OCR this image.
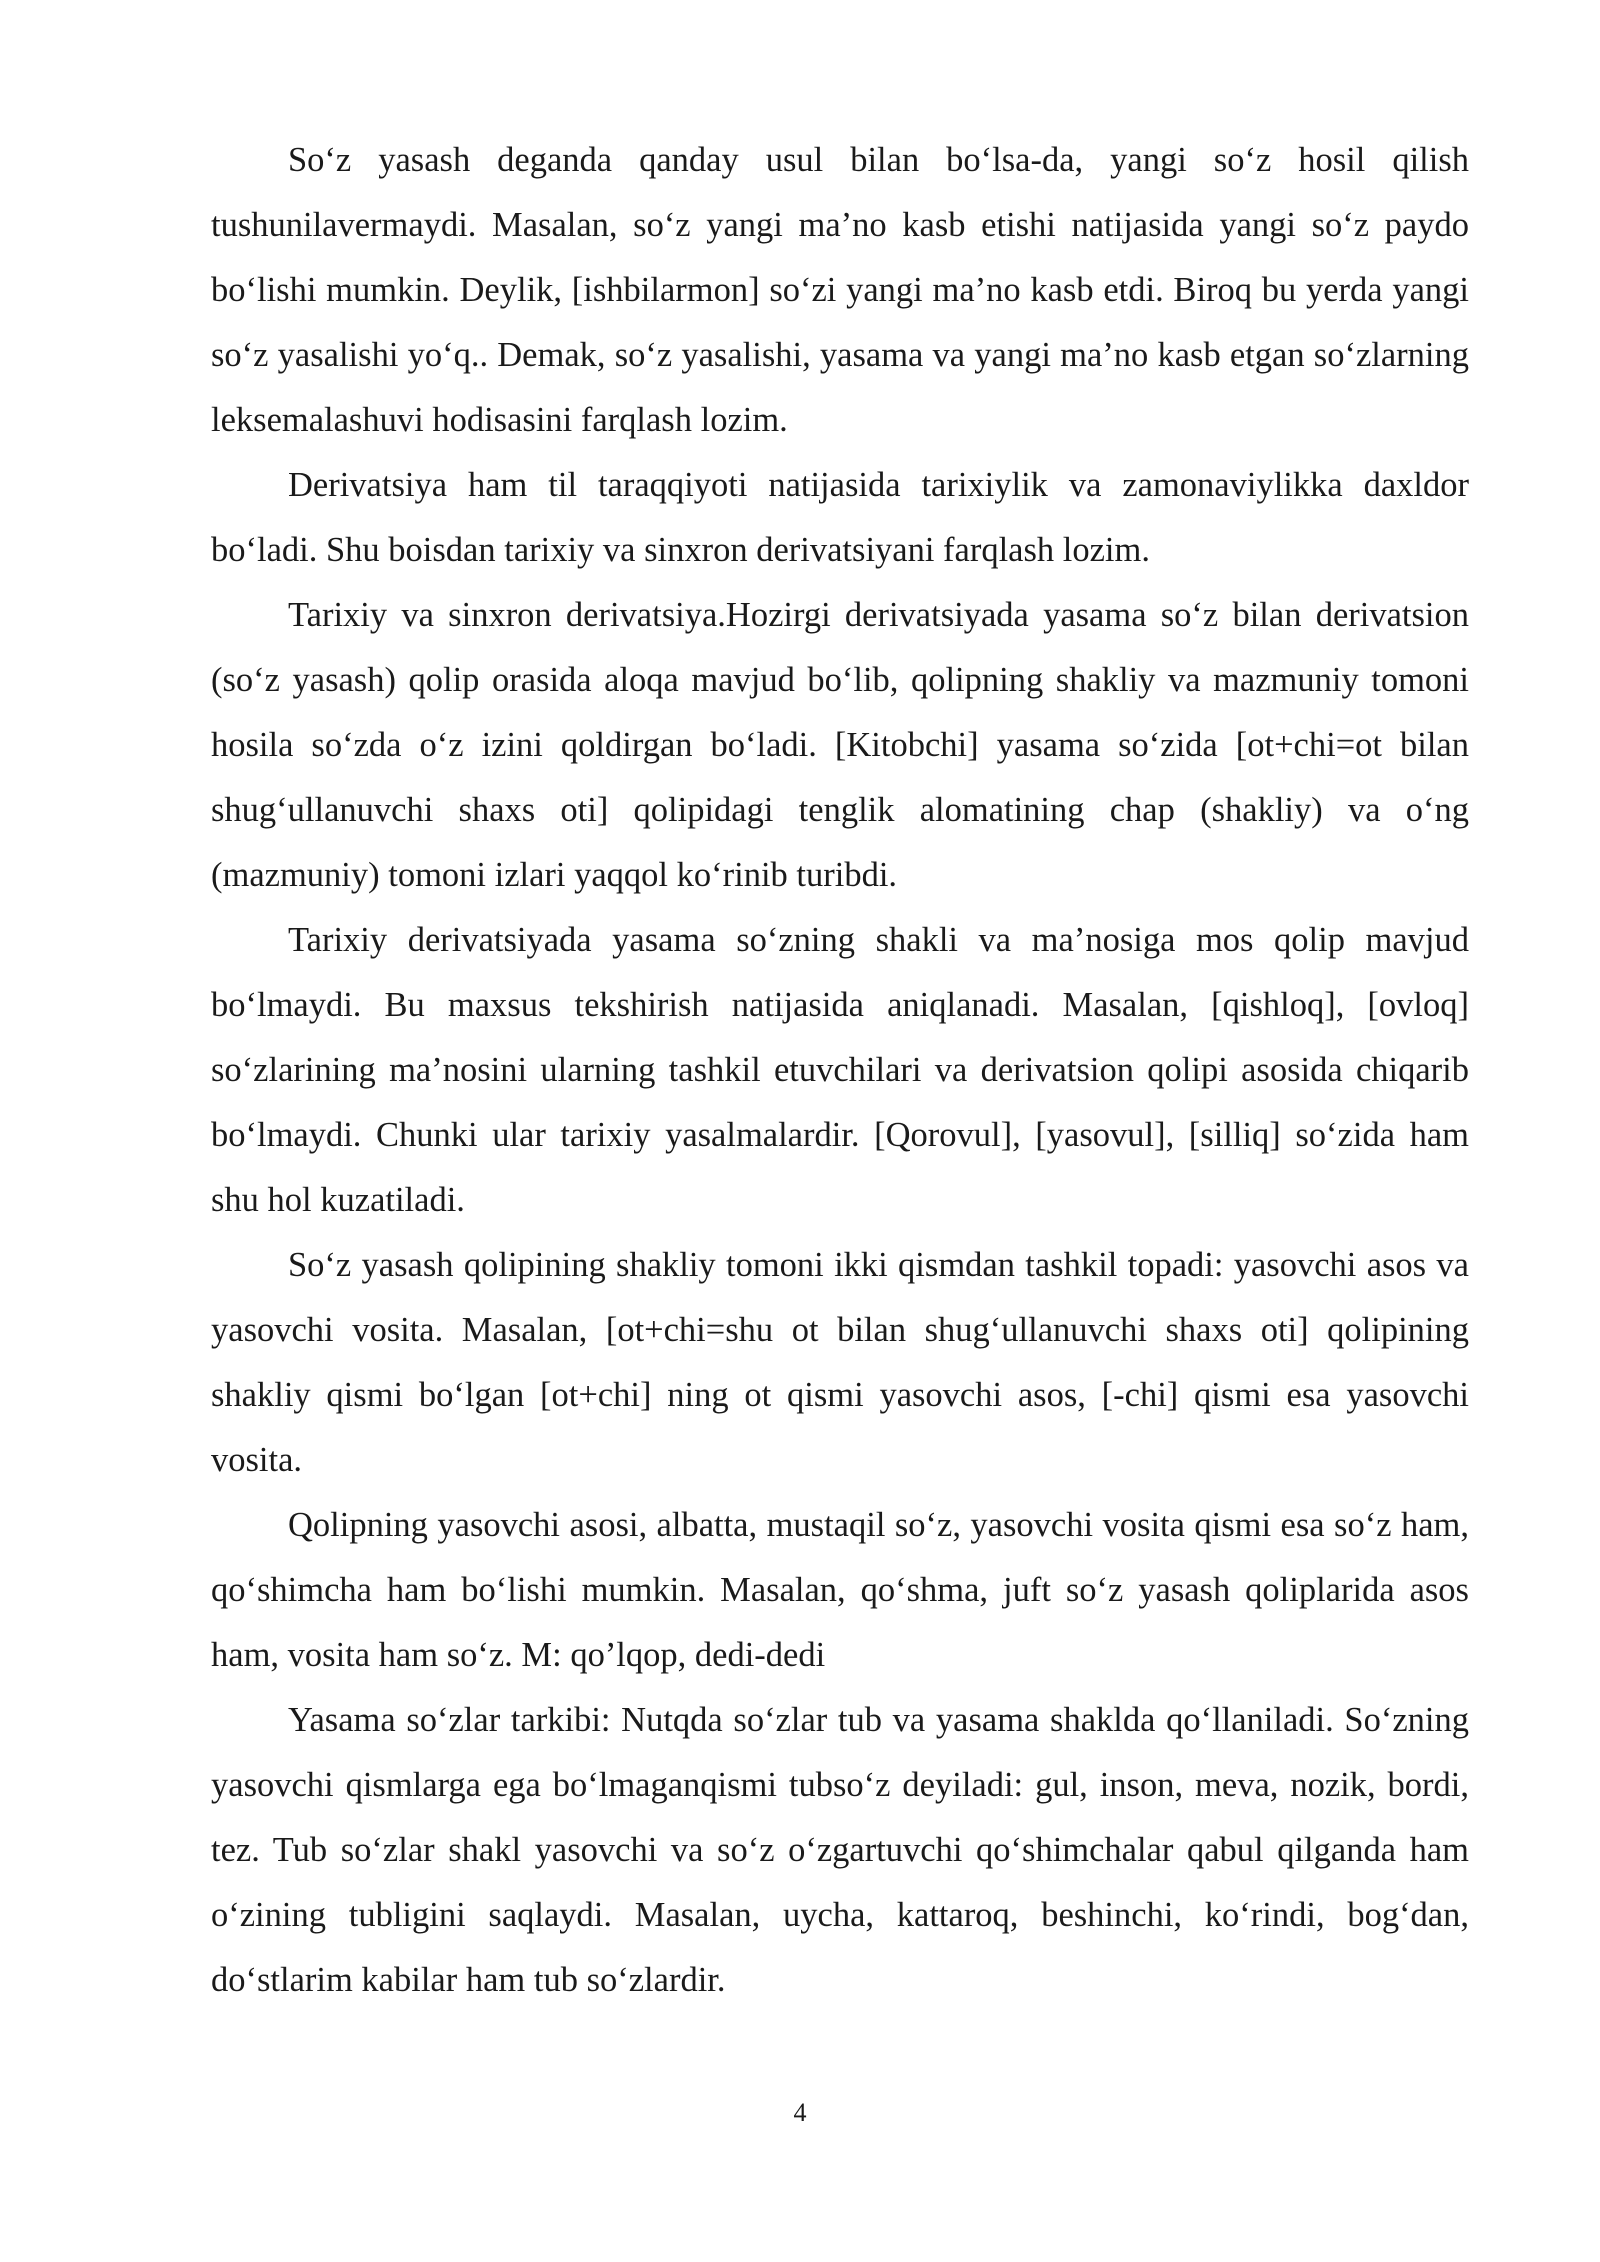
So‘z yasash deganda qanday usul bilan bo‘lsa-da, yangi so‘z hosil qilish tushunilavermaydi. Masalan, so‘z yangi ma’no kasb etishi natijasida yangi so‘z paydo bo‘lishi mumkin. Deylik, [ishbilarmon] so‘zi yangi ma’no kasb etdi. Biroq bu yerda yangi so‘z yasalishi yo‘q.. Demak, so‘z yasalishi, yasama va yangi ma’no kasb etgan so‘zlarning leksemalashuvi hodisasini farqlash lozim.

Derivatsiya ham til taraqqiyoti natijasida tarixiylik va zamonaviylikka daxldor bo‘ladi. Shu boisdan tarixiy va sinxron derivatsiyani farqlash lozim.

Tarixiy va sinxron derivatsiya.Hozirgi derivatsiyada yasama so‘z bilan derivatsion (so‘z yasash) qolip orasida aloqa mavjud bo‘lib, qolipning shakliy va mazmuniy tomoni hosila so‘zda o‘z izini qoldirgan bo‘ladi. [Kitobchi] yasama so‘zida [ot+chi=ot bilan shug‘ullanuvchi shaxs oti] qolipidagi tenglik alomatining chap (shakliy) va o‘ng (mazmuniy) tomoni izlari yaqqol ko‘rinib turibdi.

Tarixiy derivatsiyada yasama so‘zning shakli va ma’nosiga mos qolip mavjud bo‘lmaydi. Bu maxsus tekshirish natijasida aniqlanadi. Masalan, [qishloq], [ovloq] so‘zlarining ma’nosini ularning tashkil etuvchilari va derivatsion qolipi asosida chiqarib bo‘lmaydi. Chunki ular tarixiy yasalmalardir. [Qorovul], [yasovul], [silliq] so‘zida ham shu hol kuzatiladi.

So‘z yasash qolipining shakliy tomoni ikki qismdan tashkil topadi: yasovchi asos va yasovchi vosita. Masalan, [ot+chi=shu ot bilan shug‘ullanuvchi shaxs oti] qolipining shakliy qismi bo‘lgan [ot+chi] ning ot qismi yasovchi asos, [-chi] qismi esa yasovchi vosita.

Qolipning yasovchi asosi, albatta, mustaqil so‘z, yasovchi vosita qismi esa so‘z ham, qo‘shimcha ham bo‘lishi mumkin. Masalan, qo‘shma, juft so‘z yasash qoliplarida asos ham, vosita ham so‘z. M: qo’lqop, dedi-dedi

Yasama so‘zlar tarkibi: Nutqda so‘zlar tub va yasama shaklda qo‘llaniladi. So‘zning yasovchi qismlarga ega bo‘lmaganqismi tubso‘z deyiladi: gul, inson, meva, nozik, bordi, tez. Tub so‘zlar shakl yasovchi va so‘z o‘zgartuvchi qo‘shimchalar qabul qilganda ham o‘zining tubligini saqlaydi. Masalan, uycha, kattaroq, beshinchi, ko‘rindi, bog‘dan, do‘stlarim kabilar ham tub so‘zlardir.

4
